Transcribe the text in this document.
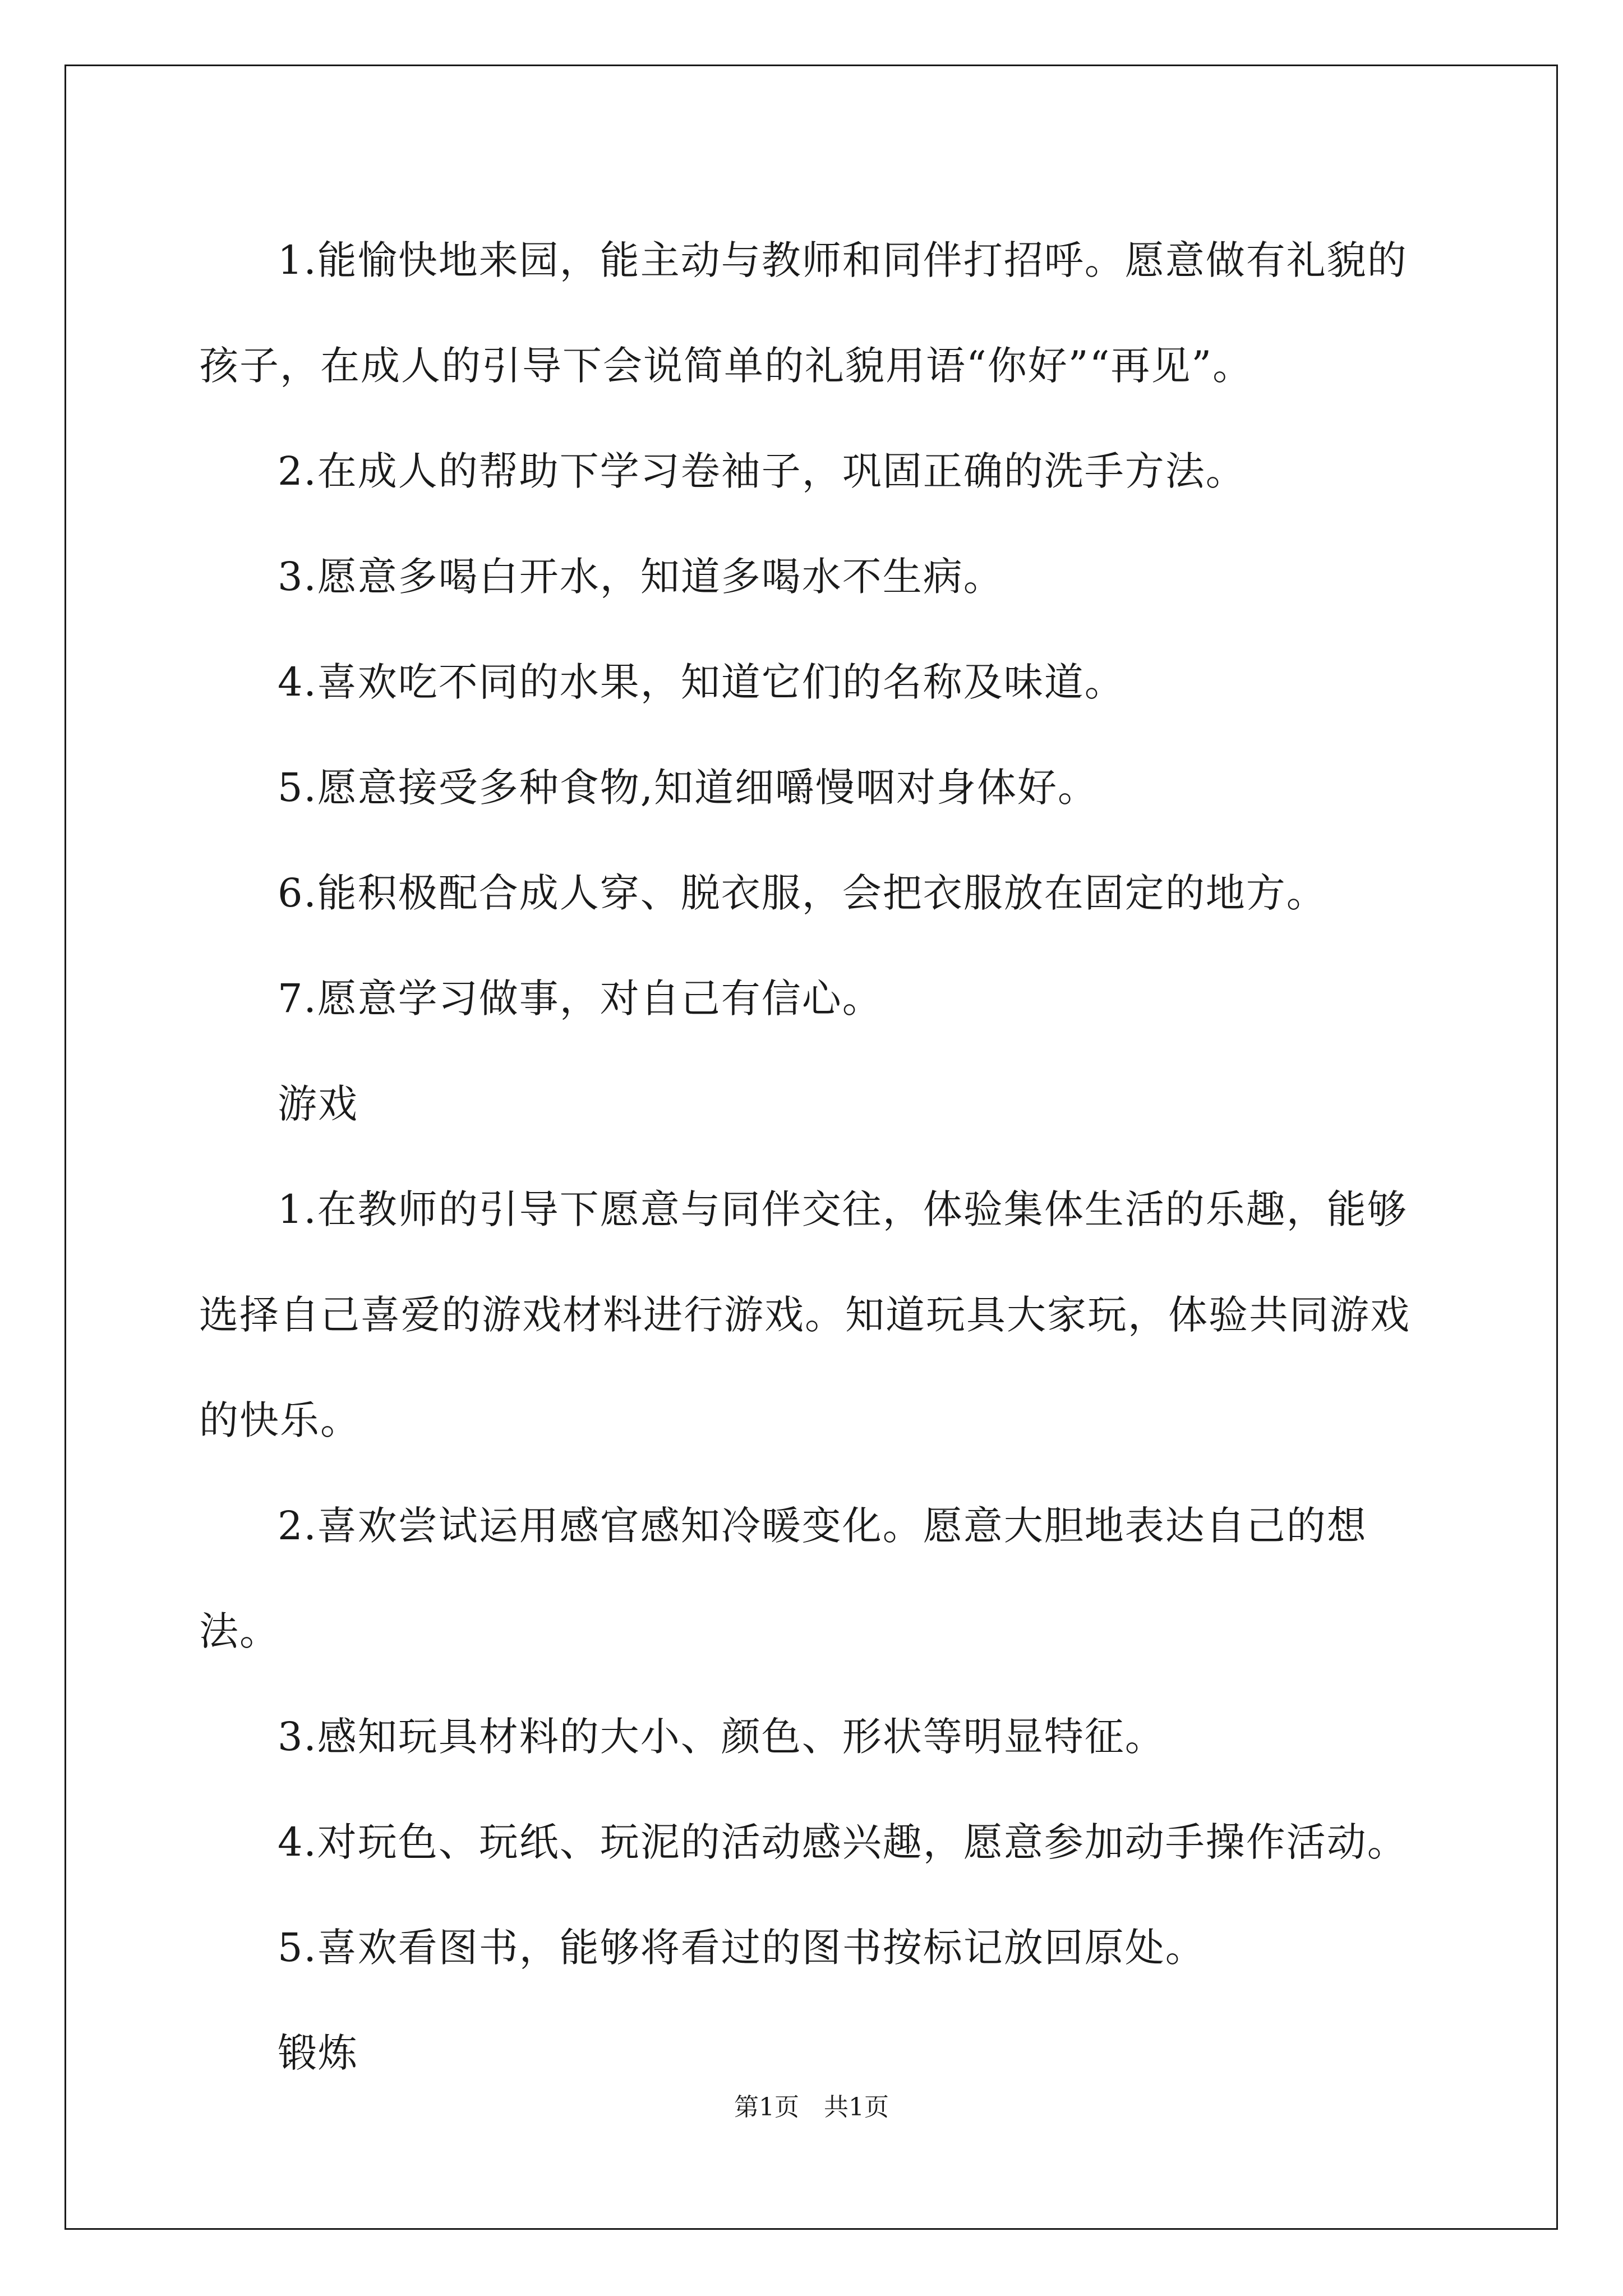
1.能愉快地来园，能主动与教师和同伴打招呼。愿意做有礼貌的孩子，在成人的引导下会说简单的礼貌用语“你好”“再见”。

2.在成人的帮助下学习卷袖子，巩固正确的洗手方法。

3.愿意多喝白开水，知道多喝水不生病。

4.喜欢吃不同的水果，知道它们的名称及味道。

5.愿意接受多种食物,知道细嚼慢咽对身体好。

6.能积极配合成人穿、脱衣服，会把衣服放在固定的地方。

7.愿意学习做事，对自己有信心。

游戏

1.在教师的引导下愿意与同伴交往，体验集体生活的乐趣，能够选择自己喜爱的游戏材料进行游戏。知道玩具大家玩，体验共同游戏的快乐。

2.喜欢尝试运用感官感知冷暖变化。愿意大胆地表达自己的想法。

3.感知玩具材料的大小、颜色、形状等明显特征。

4.对玩色、玩纸、玩泥的活动感兴趣，愿意参加动手操作活动。

5.喜欢看图书，能够将看过的图书按标记放回原处。

锻炼

第1页　共1页
